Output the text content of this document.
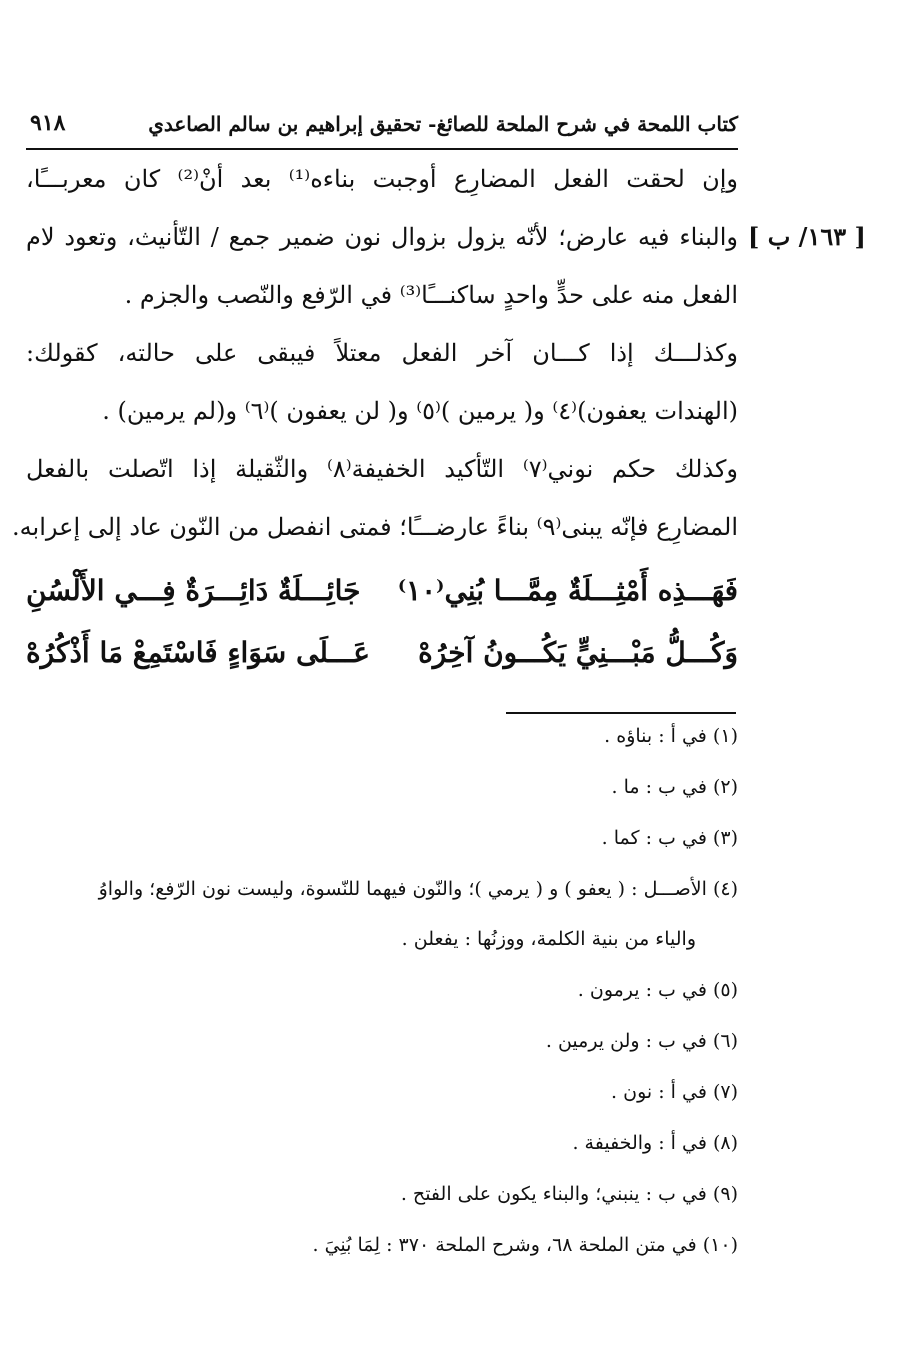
كتاب اللمحة في شرح الملحة للصائغ- تحقيق إبراهيم بن سالم الصاعدي
٩١٨
[ ١٦٣/ ب ]
وإن لحقت الفعل المضارِع أوجبت بناءه⁽¹⁾ بعد أنْ⁽²⁾ كان معربـــًا،
والبناء فيه عارض؛ لأنّه يزول بزوال نون ضمير جمع / التّأنيث، وتعود لام
الفعل منه على حدٍّ واحدٍ ساكنـــًا⁽³⁾ في الرّفع والنّصب والجزم .
وكذلـــك إذا كـــان آخر الفعل معتلاً فيبقى على حالته، كقولك:
(الهندات يعفون)⁽٤⁾ و( يرمين )⁽٥⁾ و( لن يعفون )⁽٦⁾ و(لم يرمين) .
وكذلك حكم نوني⁽٧⁾ التّأكيد الخفيفة⁽٨⁾ والثّقيلة إذا اتّصلت بالفعل
المضارِع فإنّه يبنى⁽٩⁾ بناءً عارضـــًا؛ فمتى انفصل من النّون عاد إلى إعرابه.
فَهَـــذِه أَمْثِـــلَةٌ مِمَّـــا بُنِي⁽١٠⁾
جَائِـــلَةٌ دَائِـــرَةٌ فِـــي الأَلْسُنِ
وَكُـــلُّ مَبْـــنِيٍّ يَكُـــونُ آخِرُهْ
عَـــلَى سَوَاءٍ فَاسْتَمِعْ مَا أَذْكُرُهْ
(١) في أ : بناؤه .
(٢) في ب : ما .
(٣) في ب : كما .
(٤) الأصـــل : ( يعفو ) و ( يرمي )؛ والنّون فيهما للنّسوة، وليست نون الرّفع؛ والواوُ
والياء من بنية الكلمة، ووزنُها : يفعلن .
(٥) في ب : يرمون .
(٦) في ب : ولن يرمين .
(٧) في أ : نون .
(٨) في أ : والخفيفة .
(٩) في ب : ينبني؛ والبناء يكون على الفتح .
(١٠) في متن الملحة ٦٨، وشرح الملحة ٣٧٠ : لِمَا بُنِيَ .
